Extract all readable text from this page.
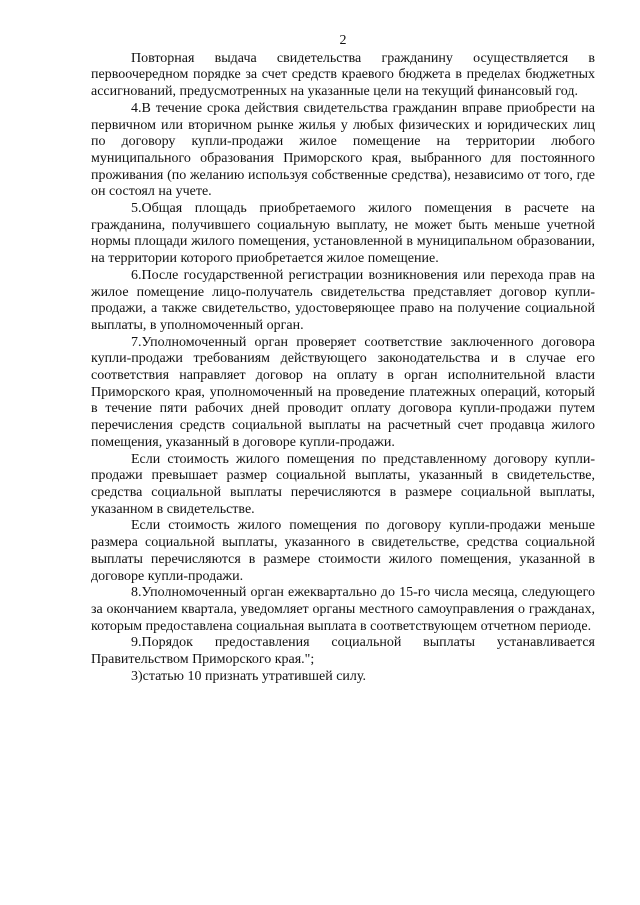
2

Повторная выдача свидетельства гражданину осуществляется в первоочередном порядке за счет средств краевого бюджета в пределах бюджетных ассигнований, предусмотренных на указанные цели на текущий финансовый год.

4.В течение срока действия свидетельства гражданин вправе приобрести на первичном или вторичном рынке жилья у любых физических и юридических лиц по договору купли-продажи жилое помещение на территории любого муниципального образования Приморского края, выбранного для постоянного проживания (по желанию используя собственные средства), независимо от того, где он состоял на учете.

5.Общая площадь приобретаемого жилого помещения в расчете на гражданина, получившего социальную выплату, не может быть меньше учетной нормы площади жилого помещения, установленной в муниципальном образовании, на территории которого приобретается жилое помещение.

6.После государственной регистрации возникновения или перехода прав на жилое помещение лицо-получатель свидетельства представляет договор купли-продажи, а также свидетельство, удостоверяющее право на получение социальной выплаты, в уполномоченный орган.

7.Уполномоченный орган проверяет соответствие заключенного договора купли-продажи требованиям действующего законодательства и в случае его соответствия направляет договор на оплату в орган исполнительной власти Приморского края, уполномоченный на проведение платежных операций, который в течение пяти рабочих дней проводит оплату договора купли-продажи путем перечисления средств социальной выплаты на расчетный счет продавца жилого помещения, указанный в договоре купли-продажи.

Если стоимость жилого помещения по представленному договору купли-продажи превышает размер социальной выплаты, указанный в свидетельстве, средства социальной выплаты перечисляются в размере социальной выплаты, указанном в свидетельстве.

Если стоимость жилого помещения по договору купли-продажи меньше размера социальной выплаты, указанного в свидетельстве, средства социальной выплаты перечисляются в размере стоимости жилого помещения, указанной в договоре купли-продажи.

8.Уполномоченный орган ежеквартально до 15-го числа месяца, следующего за окончанием квартала, уведомляет органы местного самоуправления о гражданах, которым предоставлена социальная выплата в соответствующем отчетном периоде.

9.Порядок предоставления социальной выплаты устанавливается Правительством Приморского края.";

3)статью 10 признать утратившей силу.
